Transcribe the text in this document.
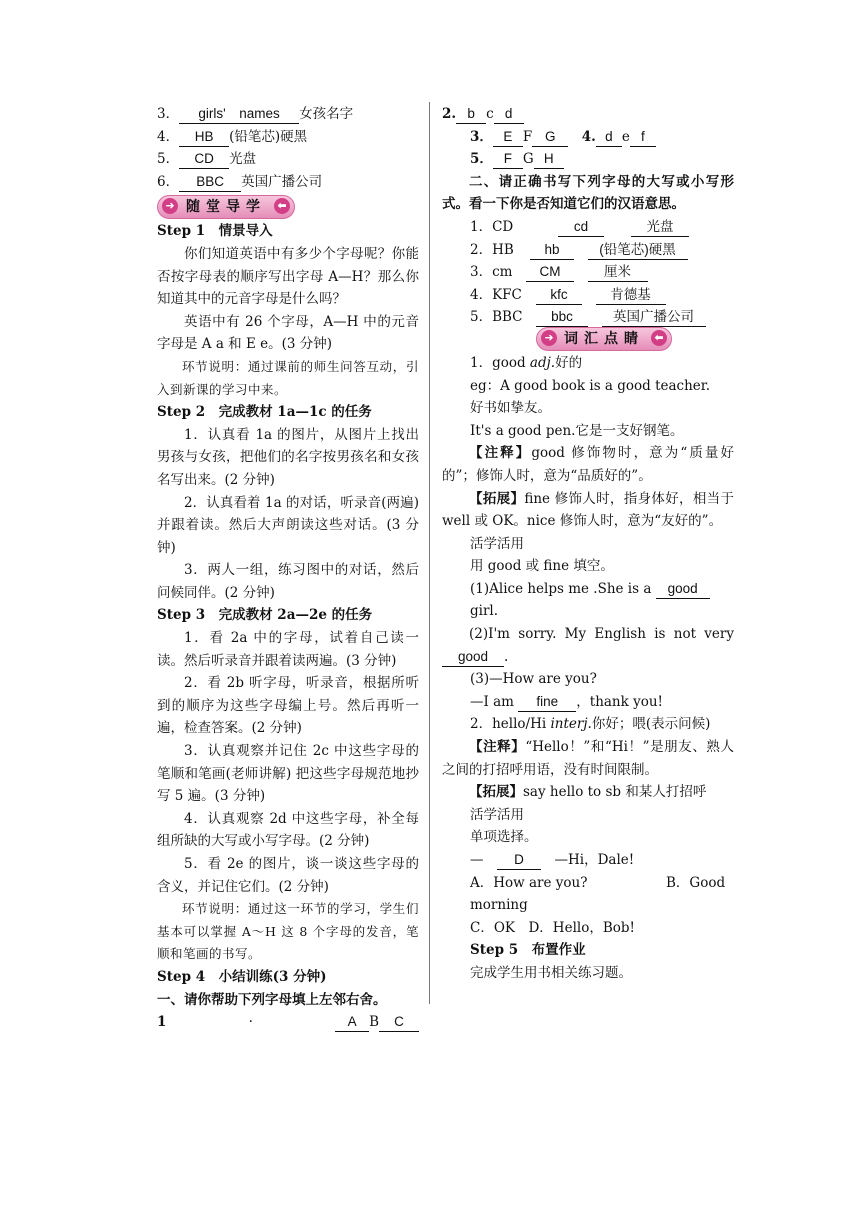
3． girls'　names 女孩名字

4． HB (铅笔芯)硬黑

5． CD 光盘

6． BBC 英国广播公司

➜ 随堂导学	⬅

Step 1　情景导入

你们知道英语中有多少个字母呢？你能否按字母表的顺序写出字母 A—H？那么你知道其中的元音字母是什么吗？

英语中有 26 个字母，A—H 中的元音字母是 A a 和 E e。(3 分钟)

环节说明：通过课前的师生问答互动，引入到新课的学习中来。

Step 2　完成教材 1a—1c 的任务

1．认真看 1a 的图片，从图片上找出男孩与女孩，把他们的名字按男孩名和女孩名写出来。(2 分钟)

2．认真看着 1a 的对话，听录音(两遍)并跟着读。然后大声朗读这些对话。(3 分钟)

3．两人一组，练习图中的对话，然后问候同伴。(2 分钟)

Step 3　完成教材 2a—2e 的任务

1．看 2a 中的字母，试着自己读一读。然后听录音并跟着读两遍。(3 分钟)

2．看 2b 听字母，听录音，根据所听到的顺序为这些字母编上号。然后再听一遍，检查答案。(2 分钟)

3．认真观察并记住 2c 中这些字母的笔顺和笔画(老师讲解) 把这些字母规范地抄写 5 遍。(3 分钟)

4．认真观察 2d 中这些字母，补全每组所缺的大写或小写字母。(2 分钟)

5．看 2e 的图片，谈一谈这些字母的含义，并记住它们。(2 分钟)

环节说明：通过这一环节的学习，学生们基本可以掌握 A～H 这 8 个字母的发音，笔顺和笔画的书写。

Step 4　小结训练(3 分钟)

一、请你帮助下列字母填上左邻右舍。

1	·	A B C

2. b c d

3． E F G　 4. d e f

5． F G H

二、请正确书写下列字母的大写或小写形式。看一下你是否知道它们的汉语意思。

1．CD	cd　　	光盘

2．HB hb　	(铅笔芯)硬黑

3．cm CM　	厘米

4．KFC kfc　	肯德基

5．BBC bbc　	英国广播公司

➜ 词汇点睛 ⬅

1．good adj.好的

eg：A good book is a good teacher.

好书如挚友。

It's a good pen.它是一支好钢笔。

【注释】good 修饰物时，意为“质量好的”；修饰人时，意为“品质好的”。

【拓展】fine 修饰人时，指身体好，相当于 well 或 OK。nice 修饰人时，意为“友好的”。

活学活用

用 good 或 fine 填空。

(1)Alice helps me .She is a good girl.

(2)I'm sorry. My English is not very

good .

(3)—How are you?

—I am fine ，thank you!

2．hello/Hi interj.你好；喂(表示问候)

【注释】“Hello！”和“Hi！”是朋友、熟人之间的打招呼用语，没有时间限制。

【拓展】say hello to sb 和某人打招呼

活学活用

单项选择。

—　 D　 —Hi，Dale!

A．How are you?	B．Good morning

C．OK　D．Hello，Bob!

Step 5　布置作业

完成学生用书相关练习题。
